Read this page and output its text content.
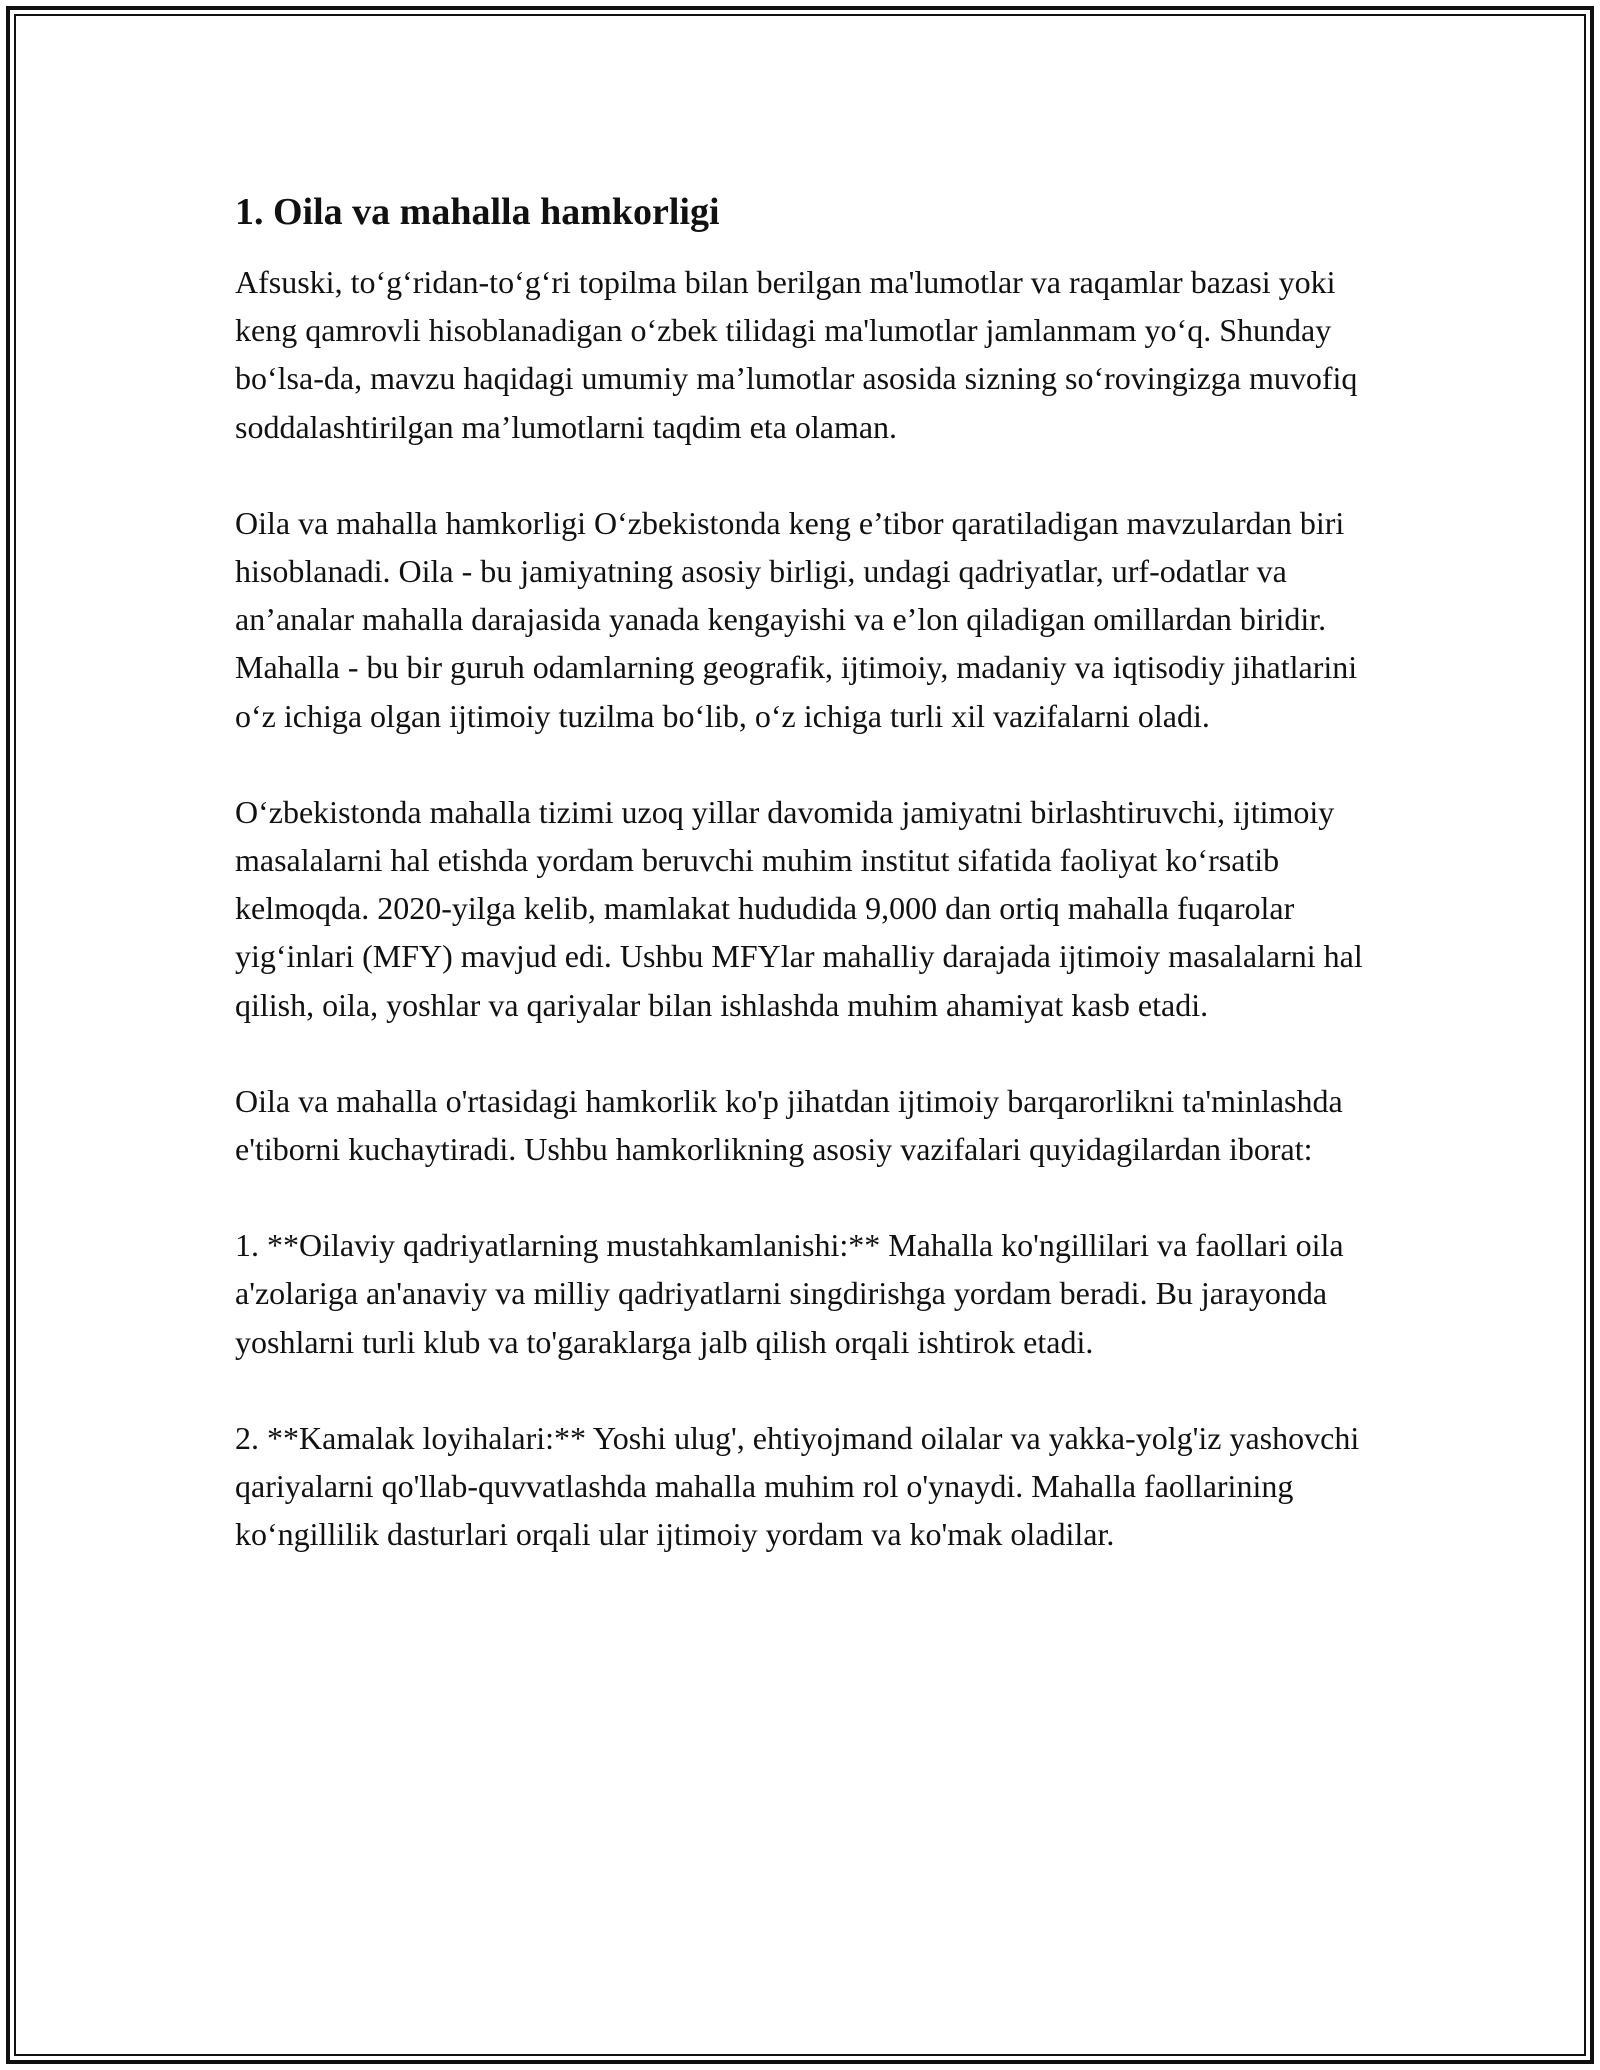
1. Oila va mahalla hamkorligi

Afsuski, to‘g‘ridan-to‘g‘ri topilma bilan berilgan ma'lumotlar va raqamlar bazasi yoki keng qamrovli hisoblanadigan o‘zbek tilidagi ma'lumotlar jamlanmam yo‘q. Shunday bo‘lsa-da, mavzu haqidagi umumiy ma’lumotlar asosida sizning so‘rovingizga muvofiq soddalashtirilgan ma’lumotlarni taqdim eta olaman.

Oila va mahalla hamkorligi O‘zbekistonda keng e’tibor qaratiladigan mavzulardan biri hisoblanadi. Oila - bu jamiyatning asosiy birligi, undagi qadriyatlar, urf-odatlar va an’analar mahalla darajasida yanada kengayishi va e’lon qiladigan omillardan biridir. Mahalla - bu bir guruh odamlarning geografik, ijtimoiy, madaniy va iqtisodiy jihatlarini o‘z ichiga olgan ijtimoiy tuzilma bo‘lib, o‘z ichiga turli xil vazifalarni oladi.

O‘zbekistonda mahalla tizimi uzoq yillar davomida jamiyatni birlashtiruvchi, ijtimoiy masalalarni hal etishda yordam beruvchi muhim institut sifatida faoliyat ko‘rsatib kelmoqda. 2020-yilga kelib, mamlakat hududida 9,000 dan ortiq mahalla fuqarolar yig‘inlari (MFY) mavjud edi. Ushbu MFYlar mahalliy darajada ijtimoiy masalalarni hal qilish, oila, yoshlar va qariyalar bilan ishlashda muhim ahamiyat kasb etadi.

Oila va mahalla o'rtasidagi hamkorlik ko'p jihatdan ijtimoiy barqarorlikni ta'minlashda e'tiborni kuchaytiradi. Ushbu hamkorlikning asosiy vazifalari quyidagilardan iborat:

1. **Oilaviy qadriyatlarning mustahkamlanishi:** Mahalla ko'ngillilari va faollari oila a'zolariga an'anaviy va milliy qadriyatlarni singdirishga yordam beradi. Bu jarayonda yoshlarni turli klub va to'garaklarga jalb qilish orqali ishtirok etadi.

2. **Kamalak loyihalari:** Yoshi ulug', ehtiyojmand oilalar va yakka-yolg'iz yashovchi qariyalarni qo'llab-quvvatlashda mahalla muhim rol o'ynaydi. Mahalla faollarining ko‘ngillilik dasturlari orqali ular ijtimoiy yordam va ko'mak oladilar.
